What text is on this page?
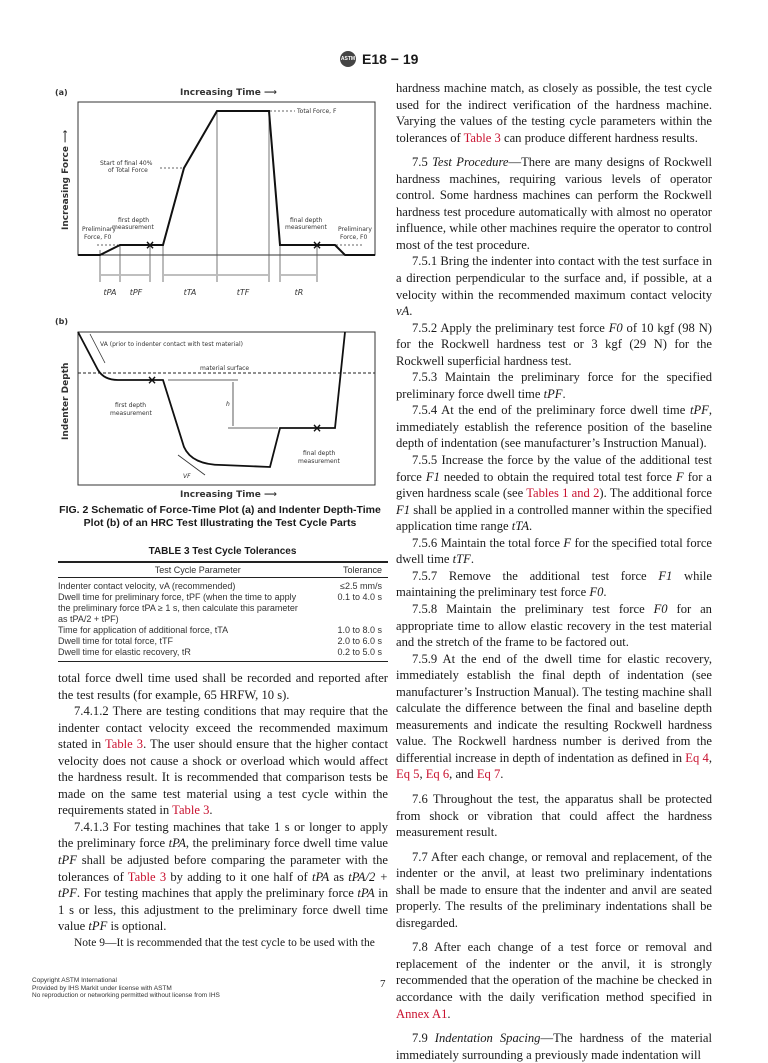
ASTM E18 − 19
(a)	Increasing Time ⟶
Increasing Force ⟶
×	×
Total Force, F
Start of final 40%
of Total Force
first depth
measurement
final depth
measurement
Preliminary
Force, F0
Preliminary
Force, F0
tPA tPF	tTA	tTF	tR
(b)
Indenter Depth
Increasing Time ⟶
×
×
VA (prior to indenter contact with test material)
material surface
h
first depth
measurement
final depth
measurement
VF
FIG. 2 Schematic of Force-Time Plot (a) and Indenter Depth-Time Plot (b) of an HRC Test Illustrating the Test Cycle Parts
TABLE 3 Test Cycle Tolerances
Test Cycle Parameter	Tolerance
Indenter contact velocity, vA (recommended)	≤2.5 mm/s
Dwell time for preliminary force, tPF (when the time to apply the preliminary force tPA ≥ 1 s, then calculate this parameter as tPA/2 + tPF)	0.1 to 4.0 s
Time for application of additional force, tTA	1.0 to 8.0 s
Dwell time for total force, tTF	2.0 to 6.0 s
Dwell time for elastic recovery, tR	0.2 to 5.0 s

total force dwell time used shall be recorded and reported after the test results (for example, 65 HRFW, 10 s).

7.4.1.2 There are testing conditions that may require that the indenter contact velocity exceed the recommended maximum stated in Table 3. The user should ensure that the higher contact velocity does not cause a shock or overload which would affect the hardness result. It is recommended that comparison tests be made on the same test material using a test cycle within the requirements stated in Table 3.

7.4.1.3 For testing machines that take 1 s or longer to apply the preliminary force tPA, the preliminary force dwell time value tPF shall be adjusted before comparing the parameter with the tolerances of Table 3 by adding to it one half of tPA as tPA/2 + tPF. For testing machines that apply the preliminary force tPA in 1 s or less, this adjustment to the preliminary force dwell time value tPF is optional.

Note 9—It is recommended that the test cycle to be used with the

hardness machine match, as closely as possible, the test cycle used for the indirect verification of the hardness machine. Varying the values of the testing cycle parameters within the tolerances of Table 3 can produce different hardness results.

7.5 Test Procedure—There are many designs of Rockwell hardness machines, requiring various levels of operator control. Some hardness machines can perform the Rockwell hardness test procedure automatically with almost no operator influence, while other machines require the operator to control most of the test procedure.

7.5.1 Bring the indenter into contact with the test surface in a direction perpendicular to the surface and, if possible, at a velocity within the recommended maximum contact velocity vA.

7.5.2 Apply the preliminary test force F0 of 10 kgf (98 N) for the Rockwell hardness test or 3 kgf (29 N) for the Rockwell superficial hardness test.

7.5.3 Maintain the preliminary force for the specified preliminary force dwell time tPF.

7.5.4 At the end of the preliminary force dwell time tPF, immediately establish the reference position of the baseline depth of indentation (see manufacturer’s Instruction Manual).

7.5.5 Increase the force by the value of the additional test force F1 needed to obtain the required total test force F for a given hardness scale (see Tables 1 and 2). The additional force F1 shall be applied in a controlled manner within the specified application time range tTA.

7.5.6 Maintain the total force F for the specified total force dwell time tTF.

7.5.7 Remove the additional test force F1 while maintaining the preliminary test force F0.

7.5.8 Maintain the preliminary test force F0 for an appropriate time to allow elastic recovery in the test material and the stretch of the frame to be factored out.

7.5.9 At the end of the dwell time for elastic recovery, immediately establish the final depth of indentation (see manufacturer’s Instruction Manual). The testing machine shall calculate the difference between the final and baseline depth measurements and indicate the resulting Rockwell hardness value. The Rockwell hardness number is derived from the differential increase in depth of indentation as defined in Eq 4, Eq 5, Eq 6, and Eq 7.

7.6 Throughout the test, the apparatus shall be protected from shock or vibration that could affect the hardness measurement result.

7.7 After each change, or removal and replacement, of the indenter or the anvil, at least two preliminary indentations shall be made to ensure that the indenter and anvil are seated properly. The results of the preliminary indentations shall be disregarded.

7.8 After each change of a test force or removal and replacement of the indenter or the anvil, it is strongly recommended that the operation of the machine be checked in accordance with the daily verification method specified in Annex A1.

7.9 Indentation Spacing—The hardness of the material immediately surrounding a previously made indentation will

Copyright ASTM International
Provided by IHS Markit under license with ASTM
No reproduction or networking permitted without license from IHS
7
